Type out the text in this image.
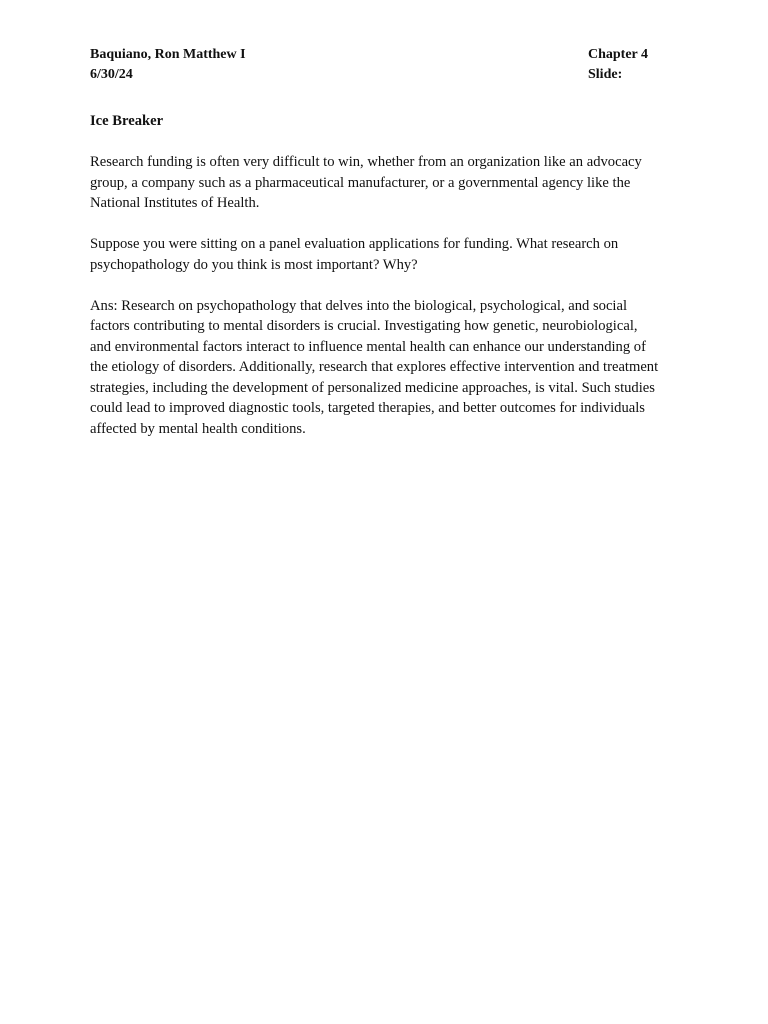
Baquiano, Ron Matthew I
6/30/24
Chapter 4
Slide:
Ice Breaker
Research funding is often very difficult to win, whether from an organization like an advocacy
group, a company such as a pharmaceutical manufacturer, or a governmental agency like the
National Institutes of Health.
Suppose you were sitting on a panel evaluation applications for funding. What research on
psychopathology do you think is most important? Why?
Ans: Research on psychopathology that delves into the biological, psychological, and social
factors contributing to mental disorders is crucial. Investigating how genetic, neurobiological,
and environmental factors interact to influence mental health can enhance our understanding of
the etiology of disorders. Additionally, research that explores effective intervention and treatment
strategies, including the development of personalized medicine approaches, is vital. Such studies
could lead to improved diagnostic tools, targeted therapies, and better outcomes for individuals
affected by mental health conditions.
